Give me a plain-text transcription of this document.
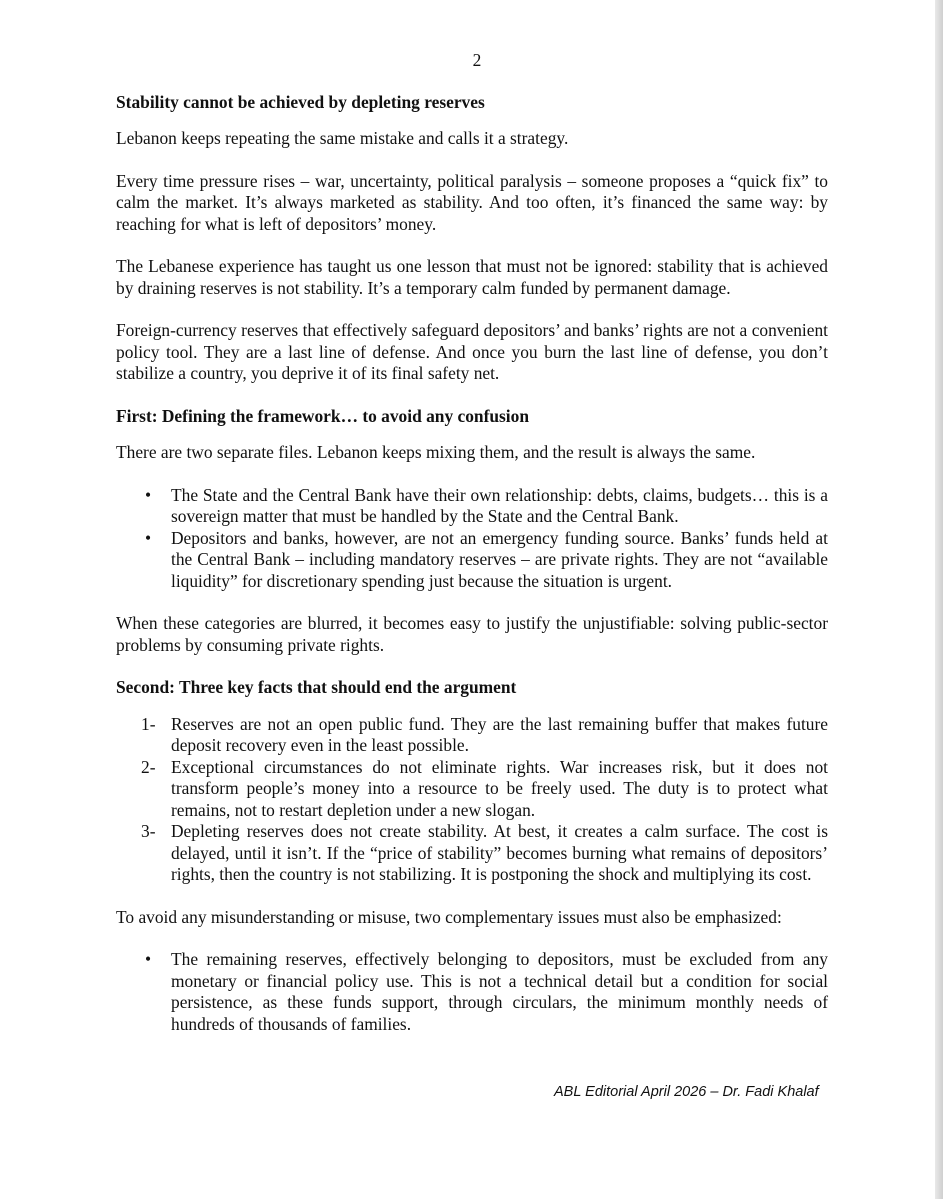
2
Stability cannot be achieved by depleting reserves

Lebanon keeps repeating the same mistake and calls it a strategy.

Every time pressure rises – war, uncertainty, political paralysis – someone proposes a “quick fix” to calm the market. It’s always marketed as stability. And too often, it’s financed the same way: by reaching for what is left of depositors’ money.

The Lebanese experience has taught us one lesson that must not be ignored: stability that is achieved by draining reserves is not stability. It’s a temporary calm funded by permanent damage.

Foreign-currency reserves that effectively safeguard depositors’ and banks’ rights are not a convenient policy tool. They are a last line of defense. And once you burn the last line of defense, you don’t stabilize a country, you deprive it of its final safety net.

First: Defining the framework… to avoid any confusion

There are two separate files. Lebanon keeps mixing them, and the result is always the same.

• The State and the Central Bank have their own relationship: debts, claims, budgets… this is a sovereign matter that must be handled by the State and the Central Bank.
• Depositors and banks, however, are not an emergency funding source. Banks’ funds held at the Central Bank – including mandatory reserves – are private rights. They are not “available liquidity” for discretionary spending just because the situation is urgent.

When these categories are blurred, it becomes easy to justify the unjustifiable: solving public-sector problems by consuming private rights.

Second: Three key facts that should end the argument
1- Reserves are not an open public fund. They are the last remaining buffer that makes future deposit recovery even in the least possible.
2- Exceptional circumstances do not eliminate rights. War increases risk, but it does not transform people’s money into a resource to be freely used. The duty is to protect what remains, not to restart depletion under a new slogan.
3- Depleting reserves does not create stability. At best, it creates a calm surface. The cost is delayed, until it isn’t. If the “price of stability” becomes burning what remains of depositors’ rights, then the country is not stabilizing. It is postponing the shock and multiplying its cost.

To avoid any misunderstanding or misuse, two complementary issues must also be emphasized:

• The remaining reserves, effectively belonging to depositors, must be excluded from any monetary or financial policy use. This is not a technical detail but a condition for social persistence, as these funds support, through circulars, the minimum monthly needs of hundreds of thousands of families.
ABL Editorial April 2026 – Dr. Fadi Khalaf
